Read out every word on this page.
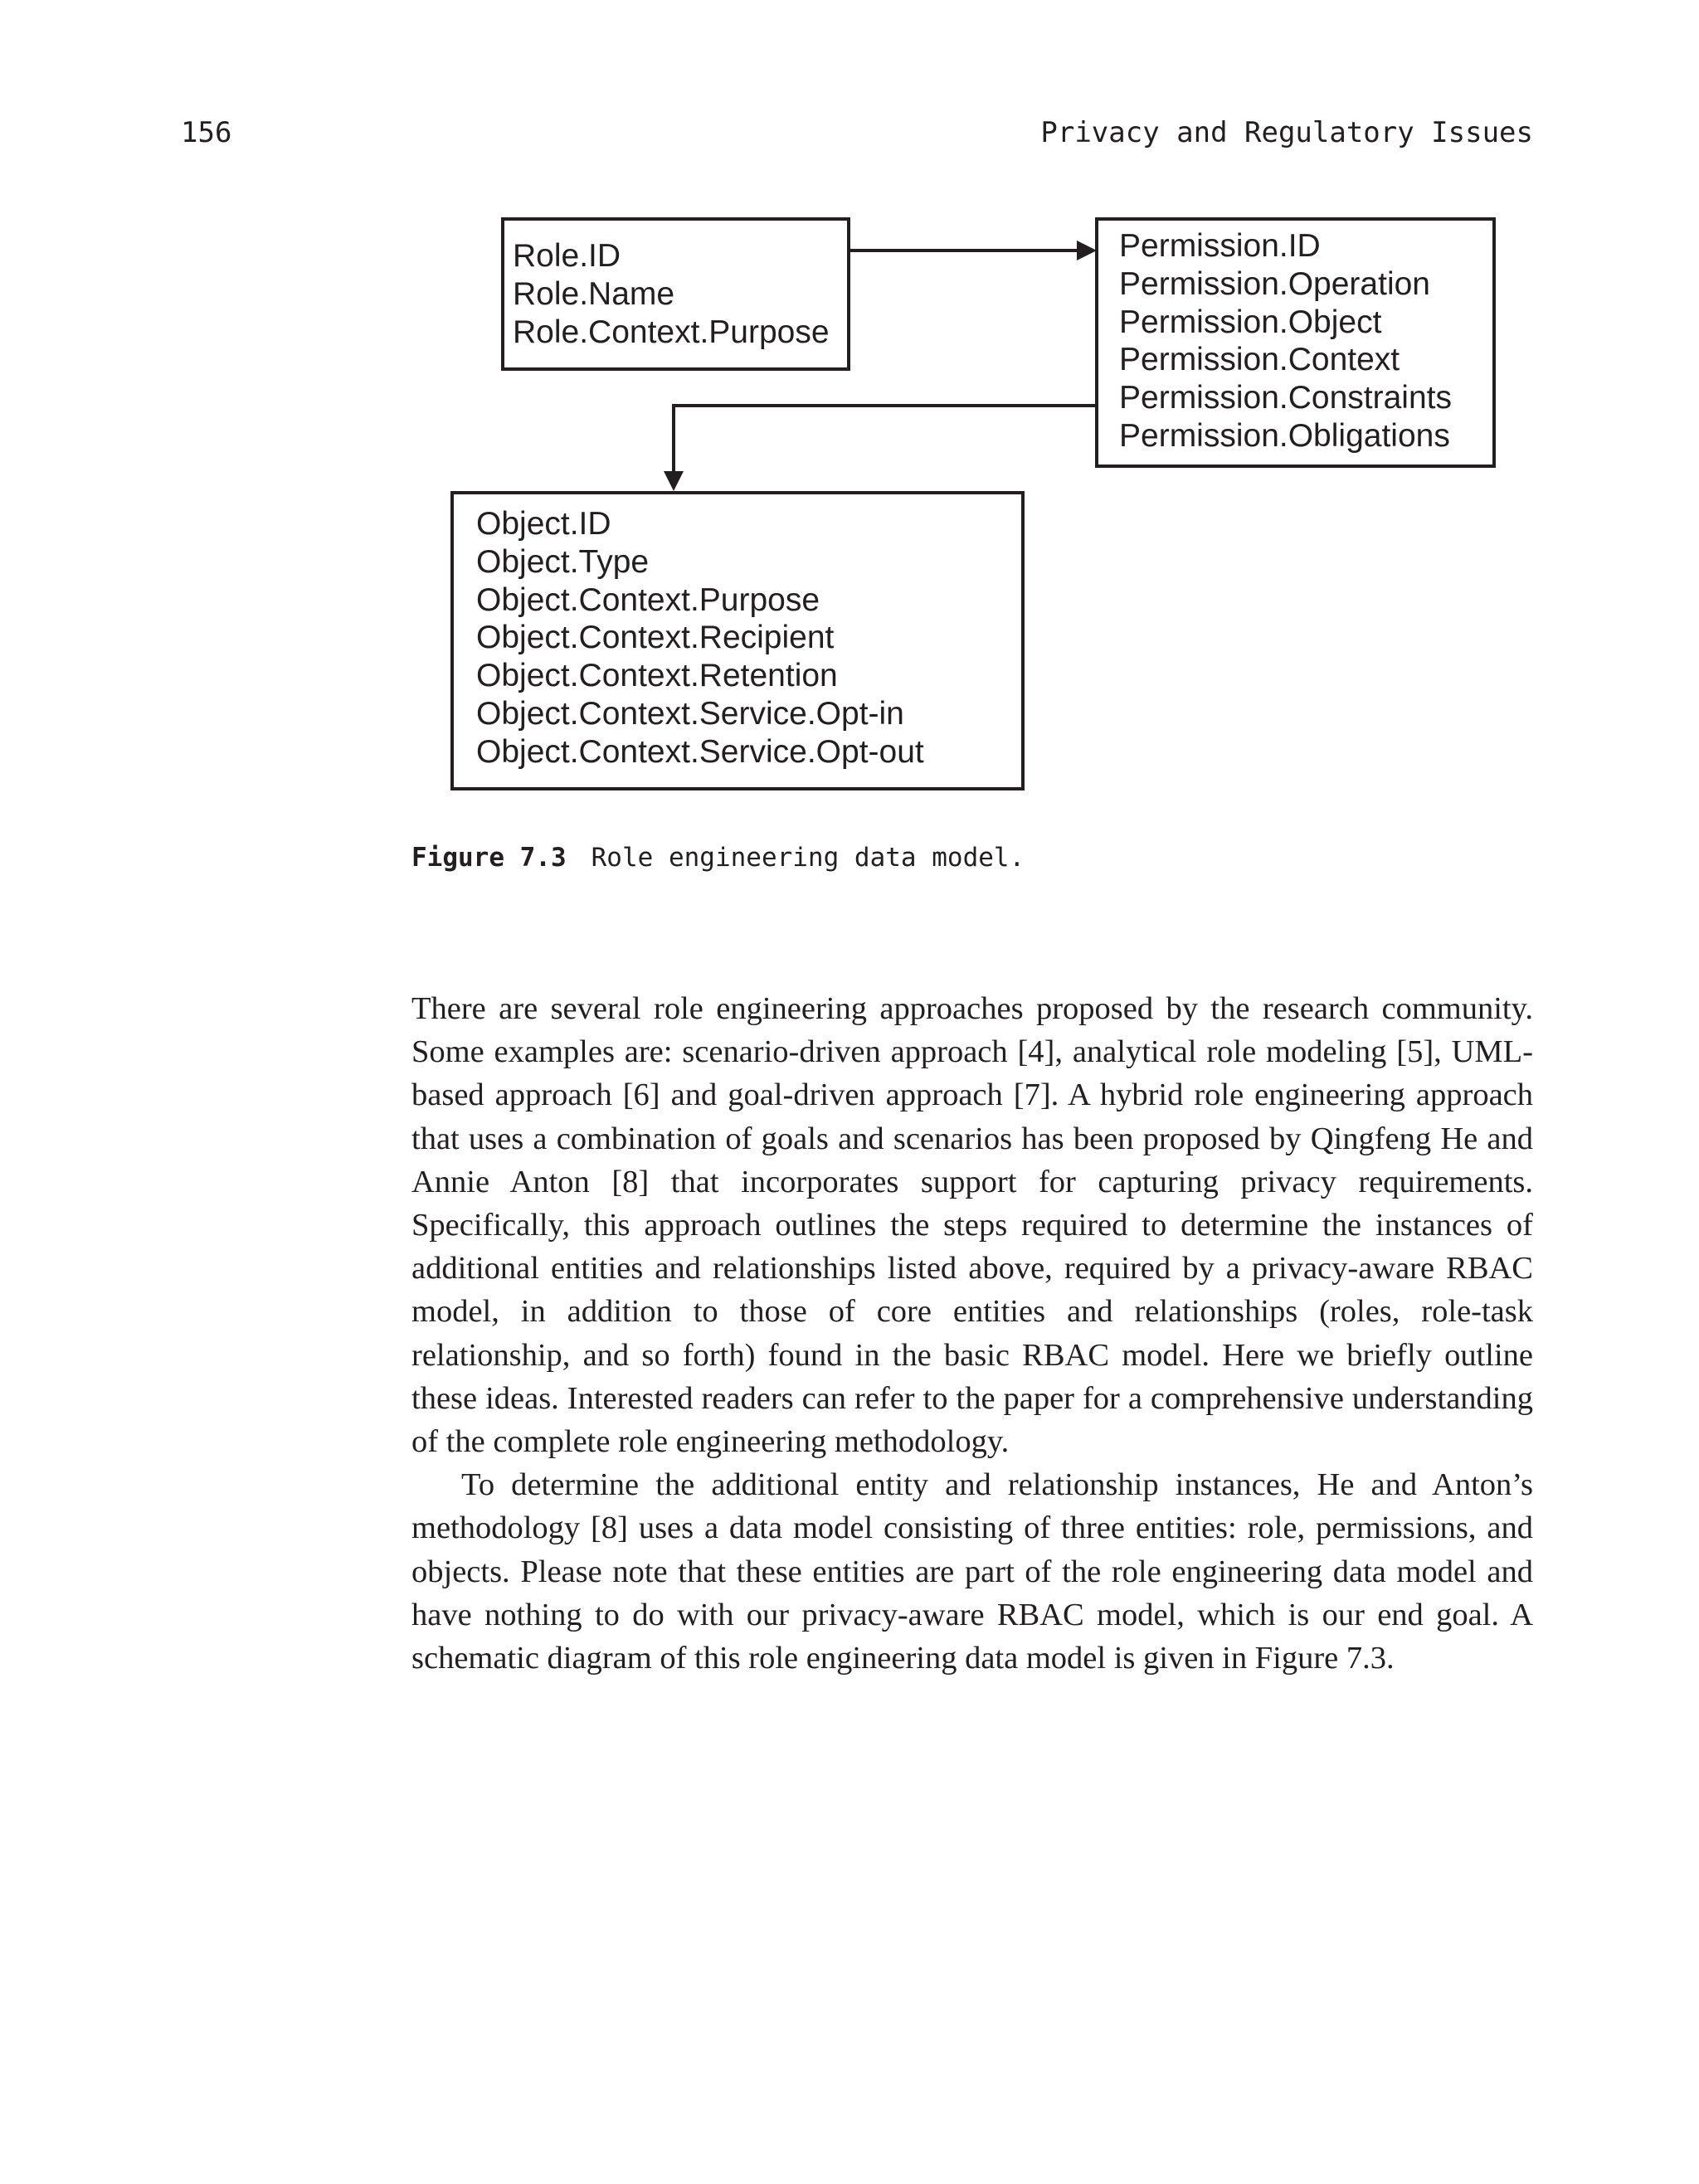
156	Privacy and Regulatory Issues
Role.ID
Role.Name
Role.Context.Purpose
Permission.ID
Permission.Operation
Permission.Object
Permission.Context
Permission.Constraints
Permission.Obligations
Object.ID
Object.Type
Object.Context.Purpose
Object.Context.Recipient
Object.Context.Retention
Object.Context.Service.Opt-in
Object.Context.Service.Opt-out
Figure 7.3 Role engineering data model.

There are several role engineering approaches proposed by the research community. Some examples are: scenario-driven approach [4], analytical role modeling [5], UML-based approach [6] and goal-driven approach [7]. A hybrid role engineering approach that uses a combination of goals and scenarios has been proposed by Qingfeng He and Annie Anton [8] that incorporates support for capturing privacy requirements. Specifically, this approach outlines the steps required to determine the instances of additional entities and relationships listed above, required by a privacy-aware RBAC model, in addition to those of core entities and relationships (roles, role-task relationship, and so forth) found in the basic RBAC model. Here we briefly outline these ideas. Interested readers can refer to the paper for a comprehensive understanding of the complete role engineering methodology.

To determine the additional entity and relationship instances, He and Anton’s methodology [8] uses a data model consisting of three entities: role, permissions, and objects. Please note that these entities are part of the role engineering data model and have nothing to do with our privacy-aware RBAC model, which is our end goal. A schematic diagram of this role engineering data model is given in Figure 7.3.
